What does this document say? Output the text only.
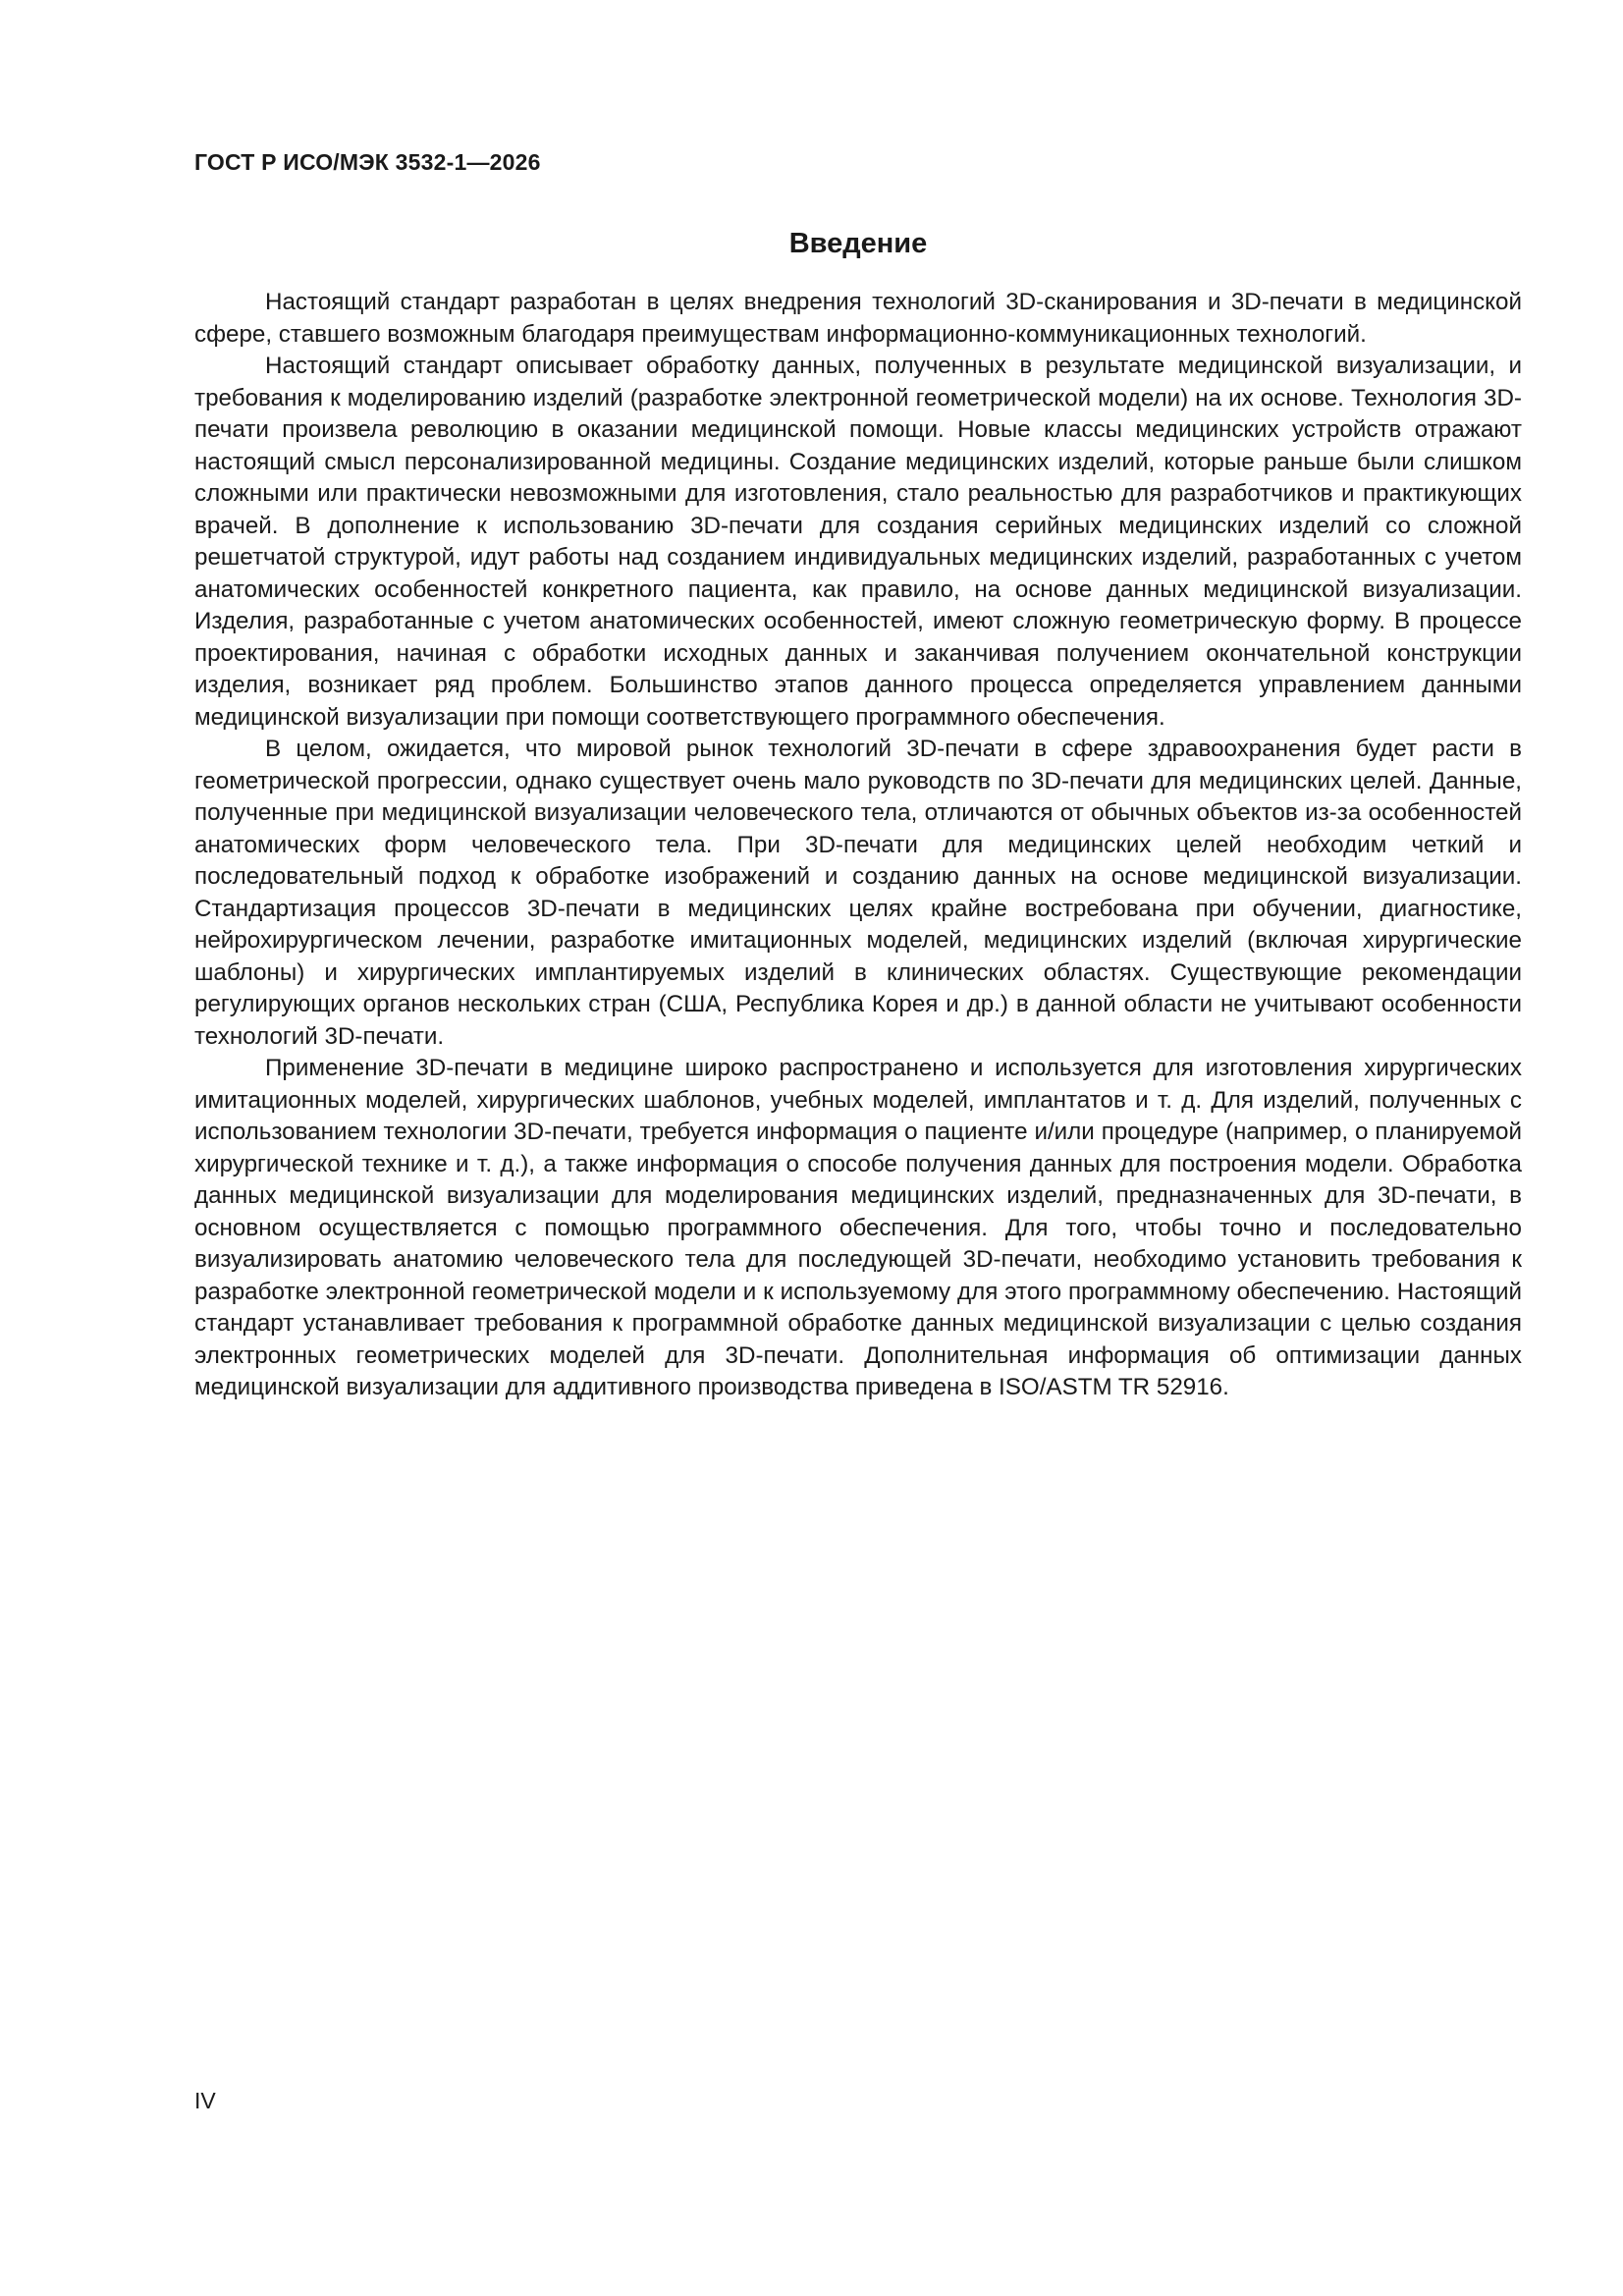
ГОСТ Р ИСО/МЭК 3532-1—2026
Введение

Настоящий стандарт разработан в целях внедрения технологий 3D-сканирования и 3D-печати в медицинской сфере, ставшего возможным благодаря преимуществам информационно-коммуникационных технологий.

Настоящий стандарт описывает обработку данных, полученных в результате медицинской визуализации, и требования к моделированию изделий (разработке электронной геометрической модели) на их основе. Технология 3D-печати произвела революцию в оказании медицинской помощи. Новые классы медицинских устройств отражают настоящий смысл персонализированной медицины. Создание медицинских изделий, которые раньше были слишком сложными или практически невозможными для изготовления, стало реальностью для разработчиков и практикующих врачей. В дополнение к использованию 3D-печати для создания серийных медицинских изделий со сложной решетчатой структурой, идут работы над созданием индивидуальных медицинских изделий, разработанных с учетом анатомических особенностей конкретного пациента, как правило, на основе данных медицинской визуализации. Изделия, разработанные с учетом анатомических особенностей, имеют сложную геометрическую форму. В процессе проектирования, начиная с обработки исходных данных и заканчивая получением окончательной конструкции изделия, возникает ряд проблем. Большинство этапов данного процесса определяется управлением данными медицинской визуализации при помощи соответствующего программного обеспечения.

В целом, ожидается, что мировой рынок технологий 3D-печати в сфере здравоохранения будет расти в геометрической прогрессии, однако существует очень мало руководств по 3D-печати для медицинских целей. Данные, полученные при медицинской визуализации человеческого тела, отличаются от обычных объектов из-за особенностей анатомических форм человеческого тела. При 3D-печати для медицинских целей необходим четкий и последовательный подход к обработке изображений и созданию данных на основе медицинской визуализации. Стандартизация процессов 3D-печати в медицинских целях крайне востребована при обучении, диагностике, нейрохирургическом лечении, разработке имитационных моделей, медицинских изделий (включая хирургические шаблоны) и хирургических имплантируемых изделий в клинических областях. Существующие рекомендации регулирующих органов нескольких стран (США, Республика Корея и др.) в данной области не учитывают особенности технологий 3D-печати.

Применение 3D-печати в медицине широко распространено и используется для изготовления хирургических имитационных моделей, хирургических шаблонов, учебных моделей, имплантатов и т. д. Для изделий, полученных с использованием технологии 3D-печати, требуется информация о пациенте и/или процедуре (например, о планируемой хирургической технике и т. д.), а также информация о способе получения данных для построения модели. Обработка данных медицинской визуализации для моделирования медицинских изделий, предназначенных для 3D-печати, в основном осуществляется с помощью программного обеспечения. Для того, чтобы точно и последовательно визуализировать анатомию человеческого тела для последующей 3D-печати, необходимо установить требования к разработке электронной геометрической модели и к используемому для этого программному обеспечению. Настоящий стандарт устанавливает требования к программной обработке данных медицинской визуализации с целью создания электронных геометрических моделей для 3D-печати. Дополнительная информация об оптимизации данных медицинской визуализации для аддитивного производства приведена в ISO/ASTM TR 52916.

IV
